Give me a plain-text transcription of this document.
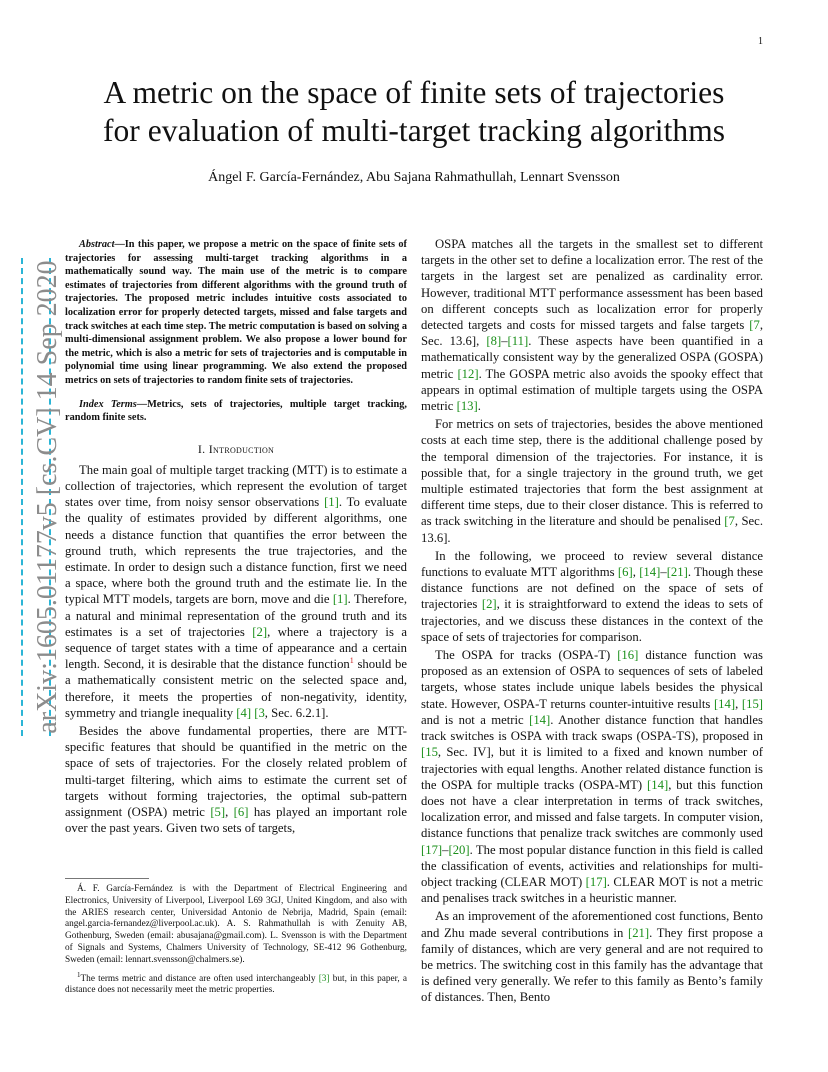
1
arXiv:1605.01177v5 [cs.CV] 14 Sep 2020
A metric on the space of finite sets of trajectories
for evaluation of multi-target tracking algorithms
Ángel F. García-Fernández, Abu Sajana Rahmathullah, Lennart Svensson

Abstract—In this paper, we propose a metric on the space of finite sets of trajectories for assessing multi-target tracking algorithms in a mathematically sound way. The main use of the metric is to compare estimates of trajectories from different algorithms with the ground truth of trajectories. The proposed metric includes intuitive costs associated to localization error for properly detected targets, missed and false targets and track switches at each time step. The metric computation is based on solving a multi-dimensional assignment problem. We also propose a lower bound for the metric, which is also a metric for sets of trajectories and is computable in polynomial time using linear programming. We also extend the proposed metrics on sets of trajectories to random finite sets of trajectories.

Index Terms—Metrics, sets of trajectories, multiple target tracking, random finite sets.

I. Introduction

The main goal of multiple target tracking (MTT) is to estimate a collection of trajectories, which represent the evolution of target states over time, from noisy sensor observations [1]. To evaluate the quality of estimates provided by different algorithms, one needs a distance function that quantifies the error between the ground truth, which represents the true trajectories, and the estimate. In order to design such a distance function, first we need a space, where both the ground truth and the estimate lie. In the typical MTT models, targets are born, move and die [1]. Therefore, a natural and minimal representation of the ground truth and its estimates is a set of trajectories [2], where a trajectory is a sequence of target states with a time of appearance and a certain length. Second, it is desirable that the distance function$^1$ should be a mathematically consistent metric on the selected space and, therefore, it meets the properties of non-negativity, identity, symmetry and triangle inequality [4] [3, Sec. 6.2.1].

Besides the above fundamental properties, there are MTT-specific features that should be quantified in the metric on the space of sets of trajectories. For the closely related problem of multi-target filtering, which aims to estimate the current set of targets without forming trajectories, the optimal sub-pattern assignment (OSPA) metric [5], [6] has played an important role over the past years. Given two sets of targets,

OSPA matches all the targets in the smallest set to different targets in the other set to define a localization error. The rest of the targets in the largest set are penalized as cardinality error. However, traditional MTT performance assessment has been based on different concepts such as localization error for properly detected targets and costs for missed targets and false targets [7, Sec. 13.6], [8]–[11]. These aspects have been quantified in a mathematically consistent way by the generalized OSPA (GOSPA) metric [12]. The GOSPA metric also avoids the spooky effect that appears in optimal estimation of multiple targets using the OSPA metric [13].

For metrics on sets of trajectories, besides the above mentioned costs at each time step, there is the additional challenge posed by the temporal dimension of the trajectories. For instance, it is possible that, for a single trajectory in the ground truth, we get multiple estimated trajectories that form the best assignment at different time steps, due to their closer distance. This is referred to as track switching in the literature and should be penalised [7, Sec. 13.6].

In the following, we proceed to review several distance functions to evaluate MTT algorithms [6], [14]–[21]. Though these distance functions are not defined on the space of sets of trajectories [2], it is straightforward to extend the ideas to sets of trajectories, and we discuss these distances in the context of the space of sets of trajectories for comparison.

The OSPA for tracks (OSPA-T) [16] distance function was proposed as an extension of OSPA to sequences of sets of labeled targets, whose states include unique labels besides the physical state. However, OSPA-T returns counter-intuitive results [14], [15] and is not a metric [14]. Another distance function that handles track switches is OSPA with track swaps (OSPA-TS), proposed in [15, Sec. IV], but it is limited to a fixed and known number of trajectories with equal lengths. Another related distance function is the OSPA for multiple tracks (OSPA-MT) [14], but this function does not have a clear interpretation in terms of track switches, localization error, and missed and false targets. In computer vision, distance functions that penalize track switches are commonly used [17]–[20]. The most popular distance function in this field is called the classification of events, activities and relationships for multi-object tracking (CLEAR MOT) [17]. CLEAR MOT is not a metric and penalises track switches in a heuristic manner.

As an improvement of the aforementioned cost functions, Bento and Zhu made several contributions in [21]. They first propose a family of distances, which are very general and are not required to be metrics. The switching cost in this family has the advantage that is defined very generally. We refer to this family as Bento’s family of distances. Then, Bento

Á. F. García-Fernández is with the Department of Electrical Engineering and Electronics, University of Liverpool, Liverpool L69 3GJ, United Kingdom, and also with the ARIES research center, Universidad Antonio de Nebrija, Madrid, Spain (email: angel.garcia-fernandez@liverpool.ac.uk). A. S. Rahmathullah is with Zenuity AB, Gothenburg, Sweden (email: abusajana@gmail.com). L. Svensson is with the Department of Signals and Systems, Chalmers University of Technology, SE-412 96 Gothenburg, Sweden (email: lennart.svensson@chalmers.se).

$^1$The terms metric and distance are often used interchangeably [3] but, in this paper, a distance does not necessarily meet the metric properties.
